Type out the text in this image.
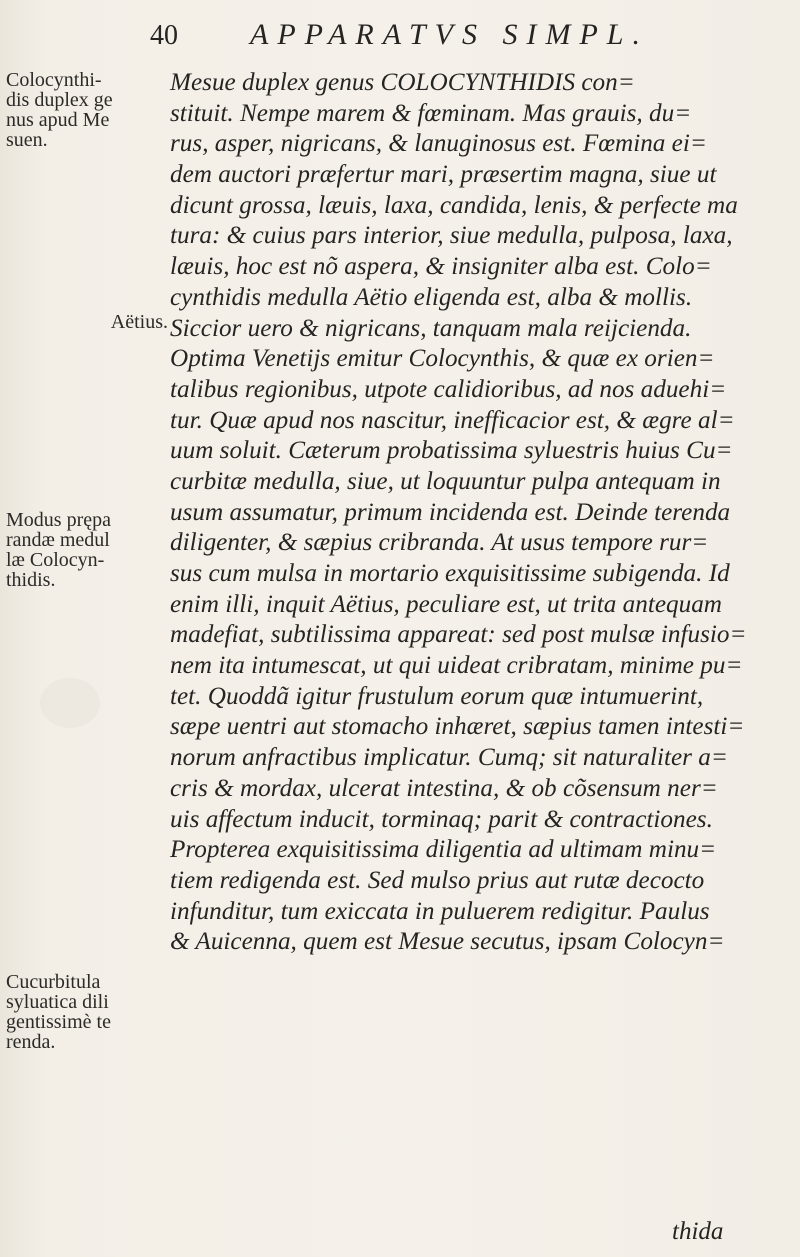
40 APPARATVS SIMPL.
Colocynthi-
dis duplex ge
nus apud Me
suen.
Aëtius.
Modus prępa
randæ medul
læ Colocyn-
thidis.
Cucurbitula
syluatica dili
gentissimè te
renda.
Mesue duplex genus COLOCYNTHIDIS con=
stituit. Nempe marem & fœminam. Mas grauis, du=
rus, asper, nigricans, & lanuginosus est. Fœmina ei=
dem auctori præfertur mari, præsertim magna, siue ut
dicunt grossa, læuis, laxa, candida, lenis, & perfecte ma
tura: & cuius pars interior, siue medulla, pulposa, laxa,
læuis, hoc est nõ aspera, & insigniter alba est. Colo=
cynthidis medulla Aëtio eligenda est, alba & mollis.
Siccior uero & nigricans, tanquam mala reijcienda.
Optima Venetijs emitur Colocynthis, & quæ ex orien=
talibus regionibus, utpote calidioribus, ad nos aduehi=
tur. Quæ apud nos nascitur, inefficacior est, & ægre al=
uum soluit. Cæterum probatissima syluestris huius Cu=
curbitæ medulla, siue, ut loquuntur pulpa antequam in
usum assumatur, primum incidenda est. Deinde terenda
diligenter, & sæpius cribranda. At usus tempore rur=
sus cum mulsa in mortario exquisitissime subigenda. Id
enim illi, inquit Aëtius, peculiare est, ut trita antequam
madefiat, subtilissima appareat: sed post mulsæ infusio=
nem ita intumescat, ut qui uideat cribratam, minime pu=
tet. Quoddã igitur frustulum eorum quæ intumuerint,
sæpe uentri aut stomacho inhæret, sæpius tamen intesti=
norum anfractibus implicatur. Cumq; sit naturaliter a=
cris & mordax, ulcerat intestina, & ob cõsensum ner=
uis affectum inducit, torminaq; parit & contractiones.
Propterea exquisitissima diligentia ad ultimam minu=
tiem redigenda est. Sed mulso prius aut rutæ decocto
infunditur, tum exiccata in puluerem redigitur. Paulus
& Auicenna, quem est Mesue secutus, ipsam Colocyn=
thida
